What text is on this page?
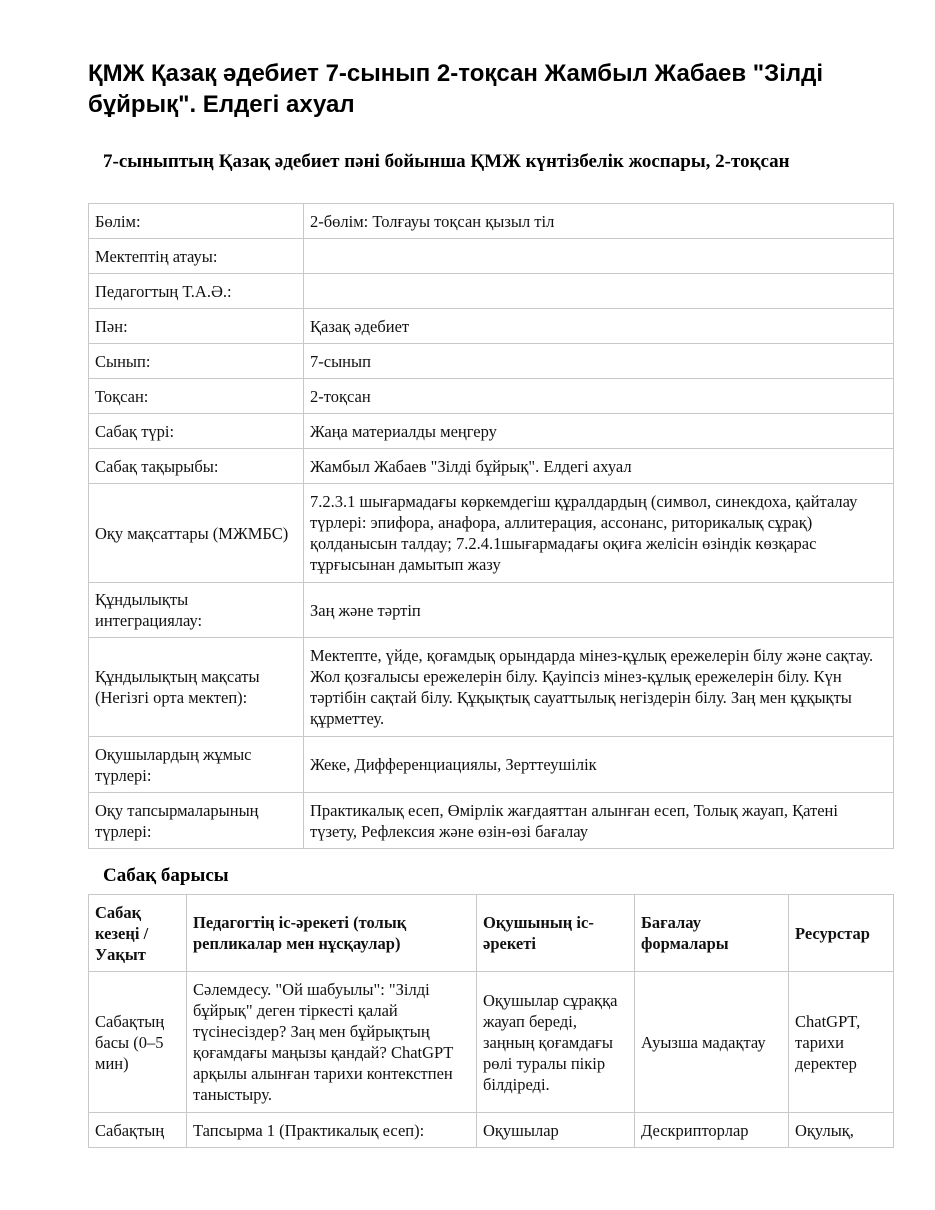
ҚМЖ Қазақ әдебиет 7-сынып 2-тоқсан Жамбыл Жабаев "Зілді бұйрық". Елдегі ахуал
7-сыныптың Қазақ әдебиет пәні бойынша ҚМЖ күнтізбелік жоспары, 2-тоқсан
Бөлім:	2-бөлім: Толғауы тоқсан қызыл тіл
Мектептің атауы:	
Педагогтың Т.А.Ә.:	
Пән:	Қазақ әдебиет
Сынып:	7-сынып
Тоқсан:	2-тоқсан
Сабақ түрі:	Жаңа материалды меңгеру
Сабақ тақырыбы:	Жамбыл Жабаев "Зілді бұйрық". Елдегі ахуал
Оқу мақсаттары (МЖМБС)	7.2.3.1 шығармадағы көркемдегіш құралдардың (символ, синекдоха, қайталау түрлері: эпифора, анафора, аллитерация, ассонанс, риторикалық сұрақ) қолданысын талдау; 7.2.4.1шығармадағы оқиға желісін өзіндік көзқарас тұрғысынан дамытып жазу
Құндылықты интеграциялау:	Заң және тәртіп
Құндылықтың мақсаты (Негізгі орта мектеп):	Мектепте, үйде, қоғамдық орындарда мінез-құлық ережелерін білу және сақтау. Жол қозғалысы ережелерін білу. Қауіпсіз мінез-құлық ережелерін білу. Күн тәртібін сақтай білу. Құқықтық сауаттылық негіздерін білу. Заң мен құқықты құрметтеу.
Оқушылардың жұмыс түрлері:	Жеке, Дифференциациялы, Зерттеушілік
Оқу тапсырмаларының түрлері:	Практикалық есеп, Өмірлік жағдаяттан алынған есеп, Толық жауап, Қатені түзету, Рефлексия және өзін-өзі бағалау
Сабақ барысы
Сабақ кезеңі / Уақыт	Педагогтің іс-әрекеті (толық репликалар мен нұсқаулар)	Оқушының іс-әрекеті	Бағалау формалары	Ресурстар
Сабақтың басы (0–5 мин)	Сәлемдесу. "Ой шабуылы": "Зілді бұйрық" деген тіркесті қалай түсінесіздер? Заң мен бұйрықтың қоғамдағы маңызы қандай? ChatGPT арқылы алынған тарихи контекстпен таныстыру.	Оқушылар сұраққа жауап береді, заңның қоғамдағы рөлі туралы пікір білдіреді.	Ауызша мадақтау	ChatGPT, тарихи деректер
Сабақтың	Тапсырма 1 (Практикалық есеп):	Оқушылар	Дескрипторлар	Оқулық,
